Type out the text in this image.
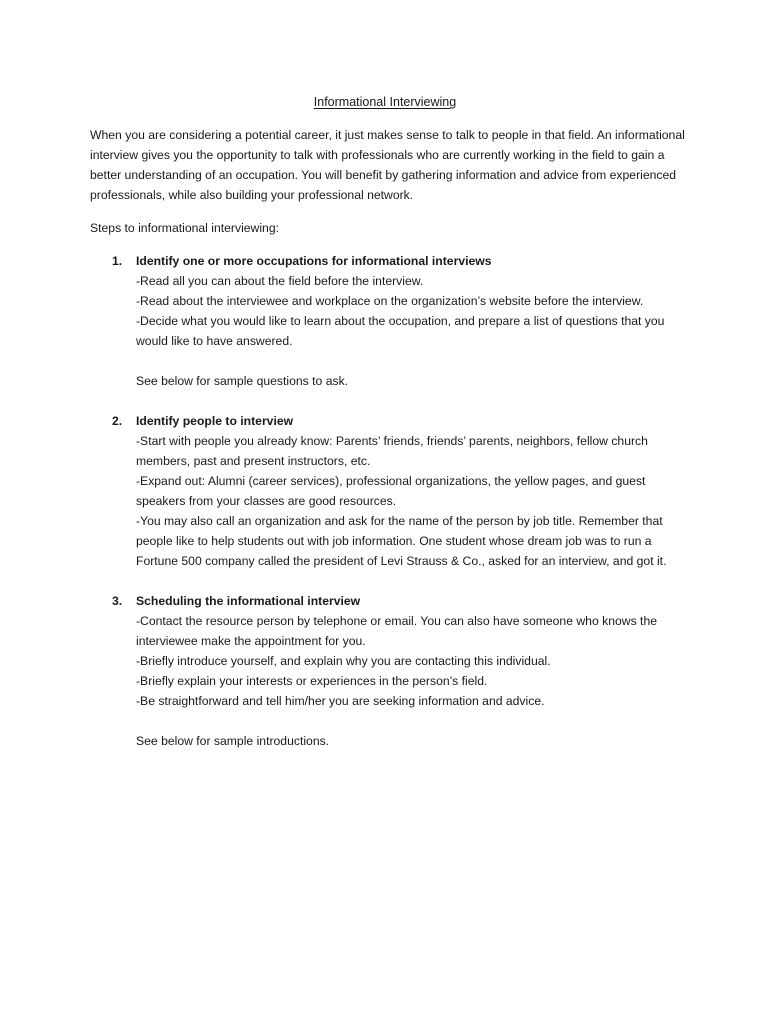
Informational Interviewing

When you are considering a potential career, it just makes sense to talk to people in that field. An informational interview gives you the opportunity to talk with professionals who are currently working in the field to gain a better understanding of an occupation. You will benefit by gathering information and advice from experienced professionals, while also building your professional network.

Steps to informational interviewing:

1. Identify one or more occupations for informational interviews
-Read all you can about the field before the interview.
-Read about the interviewee and workplace on the organization’s website before the interview.
-Decide what you would like to learn about the occupation, and prepare a list of questions that you would like to have answered.
See below for sample questions to ask.
2. Identify people to interview
-Start with people you already know: Parents’ friends, friends’ parents, neighbors, fellow church members, past and present instructors, etc.
-Expand out: Alumni (career services), professional organizations, the yellow pages, and guest speakers from your classes are good resources.
-You may also call an organization and ask for the name of the person by job title. Remember that people like to help students out with job information. One student whose dream job was to run a Fortune 500 company called the president of Levi Strauss & Co., asked for an interview, and got it.
3. Scheduling the informational interview
-Contact the resource person by telephone or email. You can also have someone who knows the interviewee make the appointment for you.
-Briefly introduce yourself, and explain why you are contacting this individual.
-Briefly explain your interests or experiences in the person’s field.
-Be straightforward and tell him/her you are seeking information and advice.
See below for sample introductions.
